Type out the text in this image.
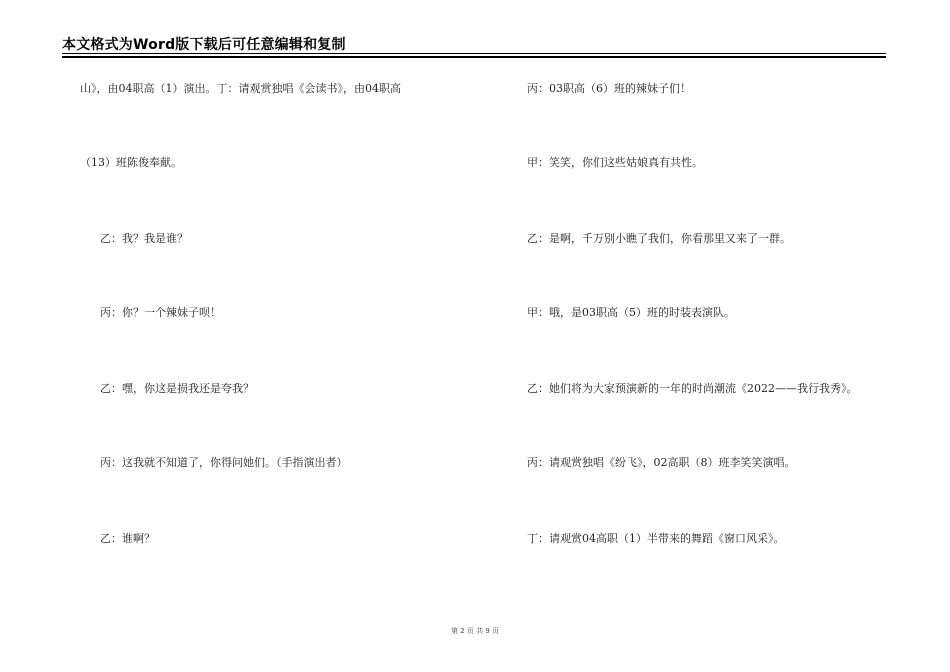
本文格式为Word版下载后可任意编辑和复制
山》，由04职高（1）演出。丁：请观赏独唱《会读书》，由04职高
（13）班陈俊奉献。
乙：我？我是谁？
丙：你？一个辣妹子呗！
乙：嘿，你这是损我还是夸我？
丙：这我就不知道了，你得问她们。（手指演出者）
乙：谁啊？
丙：03职高（6）班的辣妹子们！
甲：笑笑，你们这些姑娘真有共性。
乙：是啊，千万别小瞧了我们，你看那里又来了一群。
甲：哦，是03职高（5）班的时装表演队。
乙：她们将为大家预演新的一年的时尚潮流《2022——我行我秀》。
丙：请观赏独唱《纷飞》，02高职（8）班李笑笑演唱。
丁：请观赏04高职（1）半带来的舞蹈《窗口风采》。
第 2 页 共 9 页
